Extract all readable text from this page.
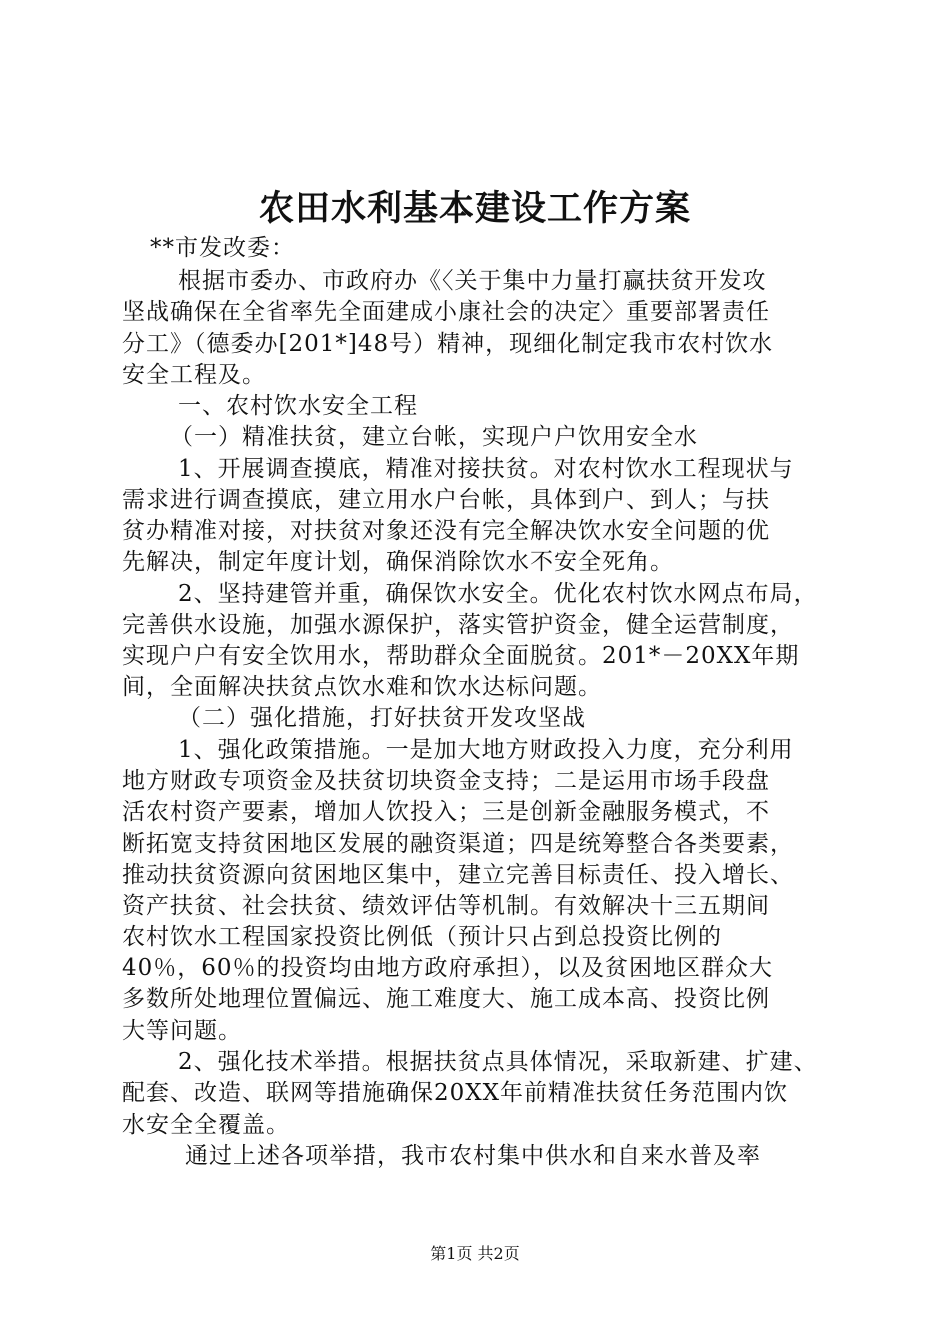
农田水利基本建设工作方案
**市发改委：
根据市委办、市政府办《〈关于集中力量打赢扶贫开发攻
坚战确保在全省率先全面建成小康社会的决定〉重要部署责任
分工》（德委办[201*]48号）精神，现细化制定我市农村饮水
安全工程及。
一、农村饮水安全工程
（一）精准扶贫，建立台帐，实现户户饮用安全水
1、开展调查摸底，精准对接扶贫。对农村饮水工程现状与
需求进行调查摸底，建立用水户台帐，具体到户、到人；与扶
贫办精准对接，对扶贫对象还没有完全解决饮水安全问题的优
先解决，制定年度计划，确保消除饮水不安全死角。
2、坚持建管并重，确保饮水安全。优化农村饮水网点布局，
完善供水设施，加强水源保护，落实管护资金，健全运营制度，
实现户户有安全饮用水，帮助群众全面脱贫。201*－20XX年期
间，全面解决扶贫点饮水难和饮水达标问题。
（二）强化措施，打好扶贫开发攻坚战
1、强化政策措施。一是加大地方财政投入力度，充分利用
地方财政专项资金及扶贫切块资金支持；二是运用市场手段盘
活农村资产要素，增加人饮投入；三是创新金融服务模式，不
断拓宽支持贫困地区发展的融资渠道；四是统筹整合各类要素，
推动扶贫资源向贫困地区集中，建立完善目标责任、投入增长、
资产扶贫、社会扶贫、绩效评估等机制。有效解决十三五期间
农村饮水工程国家投资比例低（预计只占到总投资比例的
40％，60％的投资均由地方政府承担），以及贫困地区群众大
多数所处地理位置偏远、施工难度大、施工成本高、投资比例
大等问题。
2、强化技术举措。根据扶贫点具体情况，采取新建、扩建、
配套、改造、联网等措施确保20XX年前精准扶贫任务范围内饮
水安全全覆盖。
通过上述各项举措，我市农村集中供水和自来水普及率
第1页 共2页
